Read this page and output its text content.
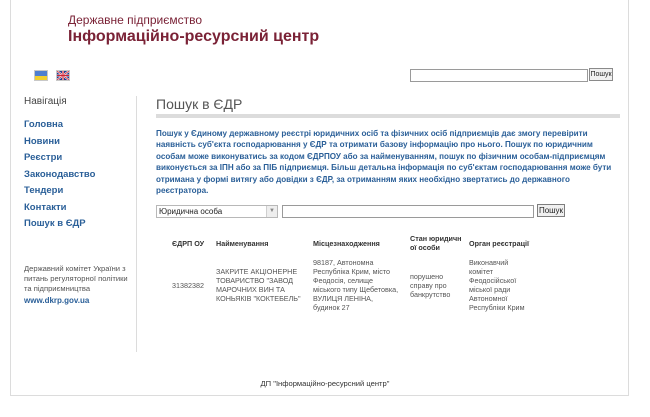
Державне підприємство
Інформаційно-ресурсний центр
Пошук
Навігація
Головна
Новини
Реєстри
Законодавство
Тендери
Контакти
Пошук в ЄДР
Державний комітет України з питань регуляторної політики та підприємництва
www.dkrp.gov.ua
Пошук в ЄДР
Пошук у Єдиному державному реєстрі юридичних осіб та фізичних осіб підприємців дає змогу перевірити наявність суб'єкта господарювання у ЄДР та отримати базову інформацію про нього. Пошук по юридичним особам може виконуватись за кодом ЄДРПОУ або за найменуванням, пошук по фізичним особам-підприємцям виконується за ІПН або за ПІБ підприємця. Більш детальна інформація по суб'єктам господарювання може бути отримана у формі витягу або довідки з ЄДР, за отриманням яких необхідно звертатись до державного реєстратора.
Юридична особа	▼	Пошук
ЄДРП ОУ	Найменування	Місцезнаходження	Стан юридичн ої особи	Орган реєстрації
31382382	ЗАКРИТЕ АКЦІОНЕРНЕ ТОВАРИСТВО "ЗАВОД МАРОЧНИХ ВИН ТА КОНЬЯКІВ "КОКТЕБЕЛЬ"	98187, Автономна Республіка Крим, місто Феодосія, селище міського типу Щебетовка, ВУЛИЦЯ ЛЕНІНА, будинок 27	порушено справу про банкрутство	Виконавчий комітет Феодосійської міської ради Автономної Республіки Крим
ДП "Інформаційно-ресурсний центр"
